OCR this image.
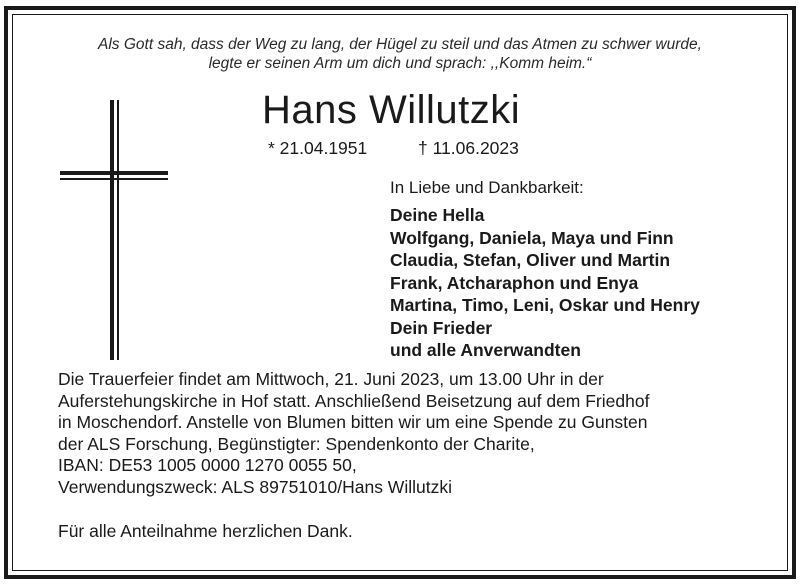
Als Gott sah, dass der Weg zu lang, der Hügel zu steil und das Atmen zu schwer wurde,

legte er seinen Arm um dich und sprach: ,,Komm heim.“

Hans Willutzki
* 21.04.1951	† 11.06.2023

In Liebe und Dankbarkeit:

Deine Hella
Wolfgang, Daniela, Maya und Finn
Claudia, Stefan, Oliver und Martin
Frank, Atcharaphon und Enya
Martina, Timo, Leni, Oskar und Henry
Dein Frieder
und alle Anverwandten
Die Trauerfeier findet am Mittwoch, 21. Juni 2023, um 13.00 Uhr in der
Auferstehungskirche in Hof statt. Anschließend Beisetzung auf dem Friedhof
in Moschendorf. Anstelle von Blumen bitten wir um eine Spende zu Gunsten
der ALS Forschung, Begünstigter: Spendenkonto der Charite,
IBAN: DE53 1005 0000 1270 0055 50,
Verwendungszweck: ALS 89751010/Hans Willutzki

Für alle Anteilnahme herzlichen Dank.
